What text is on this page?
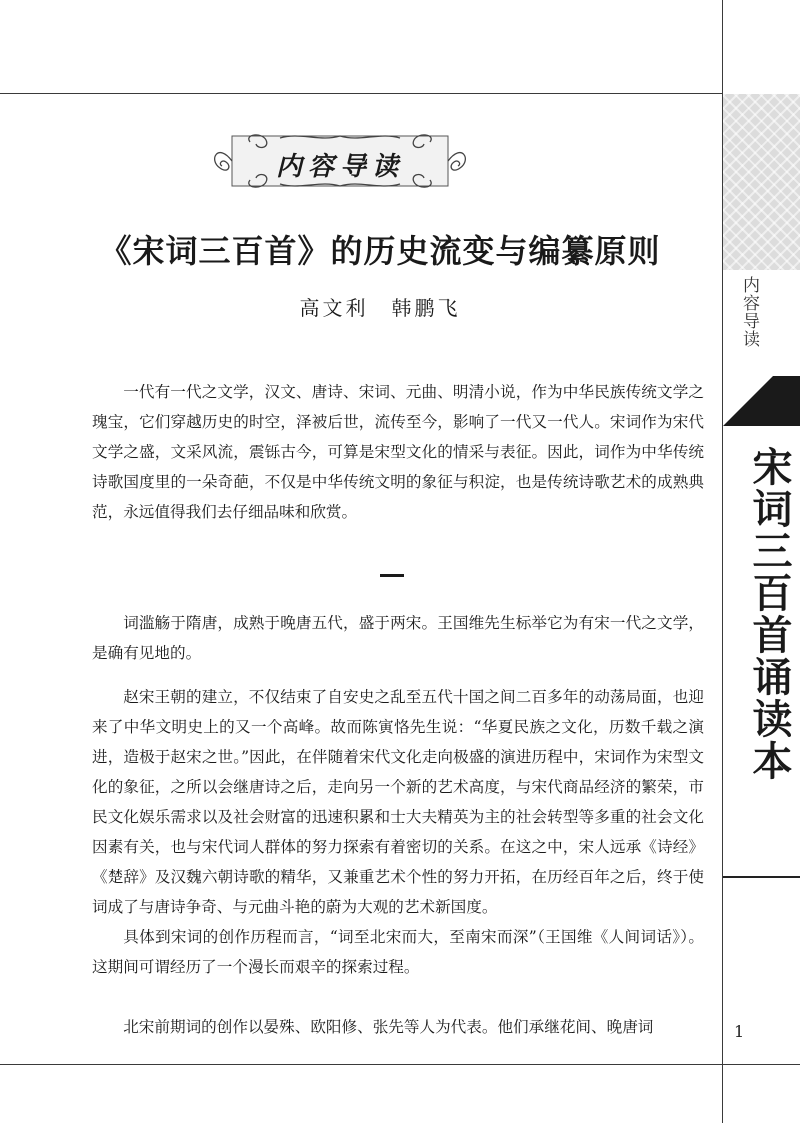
内容导读
宋词三百首诵读本
1
内容导读
《宋词三百首》的历史流变与编纂原则
高文利　韩鹏飞

一代有一代之文学，汉文、唐诗、宋词、元曲、明清小说，作为中华民族传统文学之瑰宝，它们穿越历史的时空，泽被后世，流传至今，影响了一代又一代人。宋词作为宋代文学之盛，文采风流，震铄古今，可算是宋型文化的情采与表征。因此，词作为中华传统诗歌国度里的一朵奇葩，不仅是中华传统文明的象征与积淀，也是传统诗歌艺术的成熟典范，永远值得我们去仔细品味和欣赏。

词滥觞于隋唐，成熟于晚唐五代，盛于两宋。王国维先生标举它为有宋一代之文学，是确有见地的。

赵宋王朝的建立，不仅结束了自安史之乱至五代十国之间二百多年的动荡局面，也迎来了中华文明史上的又一个高峰。故而陈寅恪先生说：“华夏民族之文化，历数千载之演进，造极于赵宋之世。”因此，在伴随着宋代文化走向极盛的演进历程中，宋词作为宋型文化的象征，之所以会继唐诗之后，走向另一个新的艺术高度，与宋代商品经济的繁荣，市民文化娱乐需求以及社会财富的迅速积累和士大夫精英为主的社会转型等多重的社会文化因素有关，也与宋代词人群体的努力探索有着密切的关系。在这之中，宋人远承《诗经》《楚辞》及汉魏六朝诗歌的精华，又兼重艺术个性的努力开拓，在历经百年之后，终于使词成了与唐诗争奇、与元曲斗艳的蔚为大观的艺术新国度。

具体到宋词的创作历程而言，“词至北宋而大，至南宋而深”（王国维《人间词话》）。这期间可谓经历了一个漫长而艰辛的探索过程。

北宋前期词的创作以晏殊、欧阳修、张先等人为代表。他们承继花间、晚唐词
